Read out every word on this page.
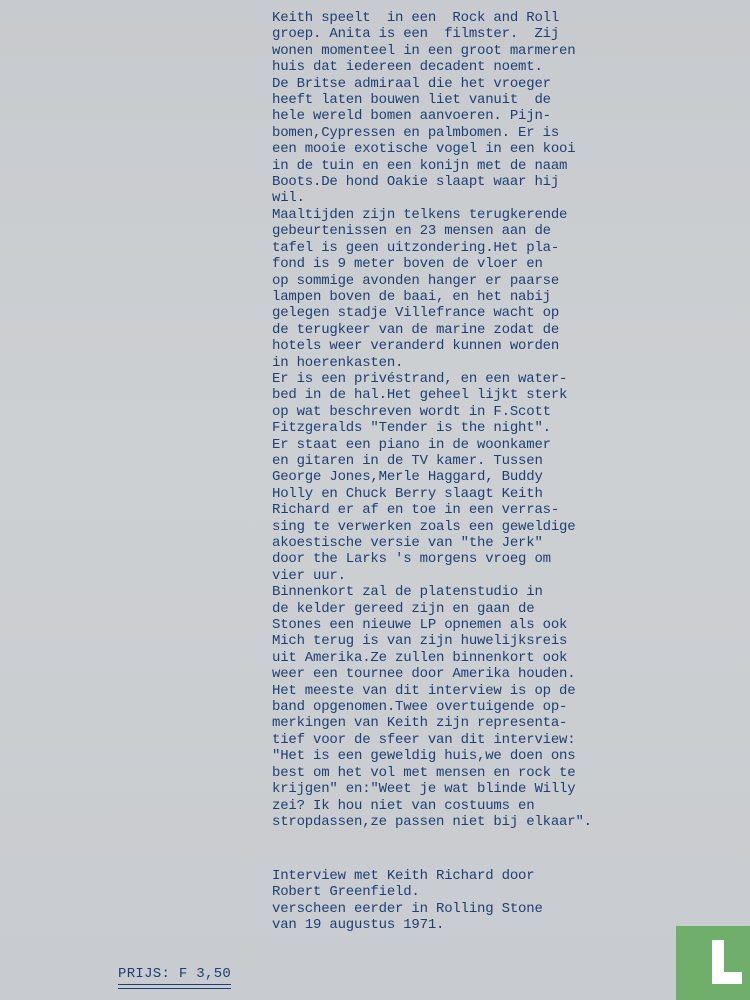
Keith speelt  in een  Rock and Roll
groep. Anita is een  filmster.  Zij
wonen momenteel in een groot marmeren
huis dat iedereen decadent noemt.
De Britse admiraal die het vroeger
heeft laten bouwen liet vanuit  de
hele wereld bomen aanvoeren. Pijn-
bomen,Cypressen en palmbomen. Er is
een mooie exotische vogel in een kooi
in de tuin en een konijn met de naam
Boots.De hond Oakie slaapt waar hij
wil.
Maaltijden zijn telkens terugkerende
gebeurtenissen en 23 mensen aan de
tafel is geen uitzondering.Het pla-
fond is 9 meter boven de vloer en
op sommige avonden hanger er paarse
lampen boven de baai, en het nabij
gelegen stadje Villefrance wacht op
de terugkeer van de marine zodat de
hotels weer veranderd kunnen worden
in hoerenkasten.
Er is een privéstrand, en een water-
bed in de hal.Het geheel lijkt sterk
op wat beschreven wordt in F.Scott
Fitzgeralds "Tender is the night".
Er staat een piano in de woonkamer
en gitaren in de TV kamer. Tussen
George Jones,Merle Haggard, Buddy
Holly en Chuck Berry slaagt Keith
Richard er af en toe in een verras-
sing te verwerken zoals een geweldige
akoestische versie van "the Jerk"
door the Larks 's morgens vroeg om
vier uur.
Binnenkort zal de platenstudio in
de kelder gereed zijn en gaan de
Stones een nieuwe LP opnemen als ook
Mich terug is van zijn huwelijksreis
uit Amerika.Ze zullen binnenkort ook
weer een tournee door Amerika houden.
Het meeste van dit interview is op de
band opgenomen.Twee overtuigende op-
merkingen van Keith zijn representa-
tief voor de sfeer van dit interview:
"Het is een geweldig huis,we doen ons
best om het vol met mensen en rock te
krijgen" en:"Weet je wat blinde Willy
zei? Ik hou niet van costuums en
stropdassen,ze passen niet bij elkaar".
Interview met Keith Richard door
Robert Greenfield.
verscheen eerder in Rolling Stone
van 19 augustus 1971.
PRIJS: F 3,50
